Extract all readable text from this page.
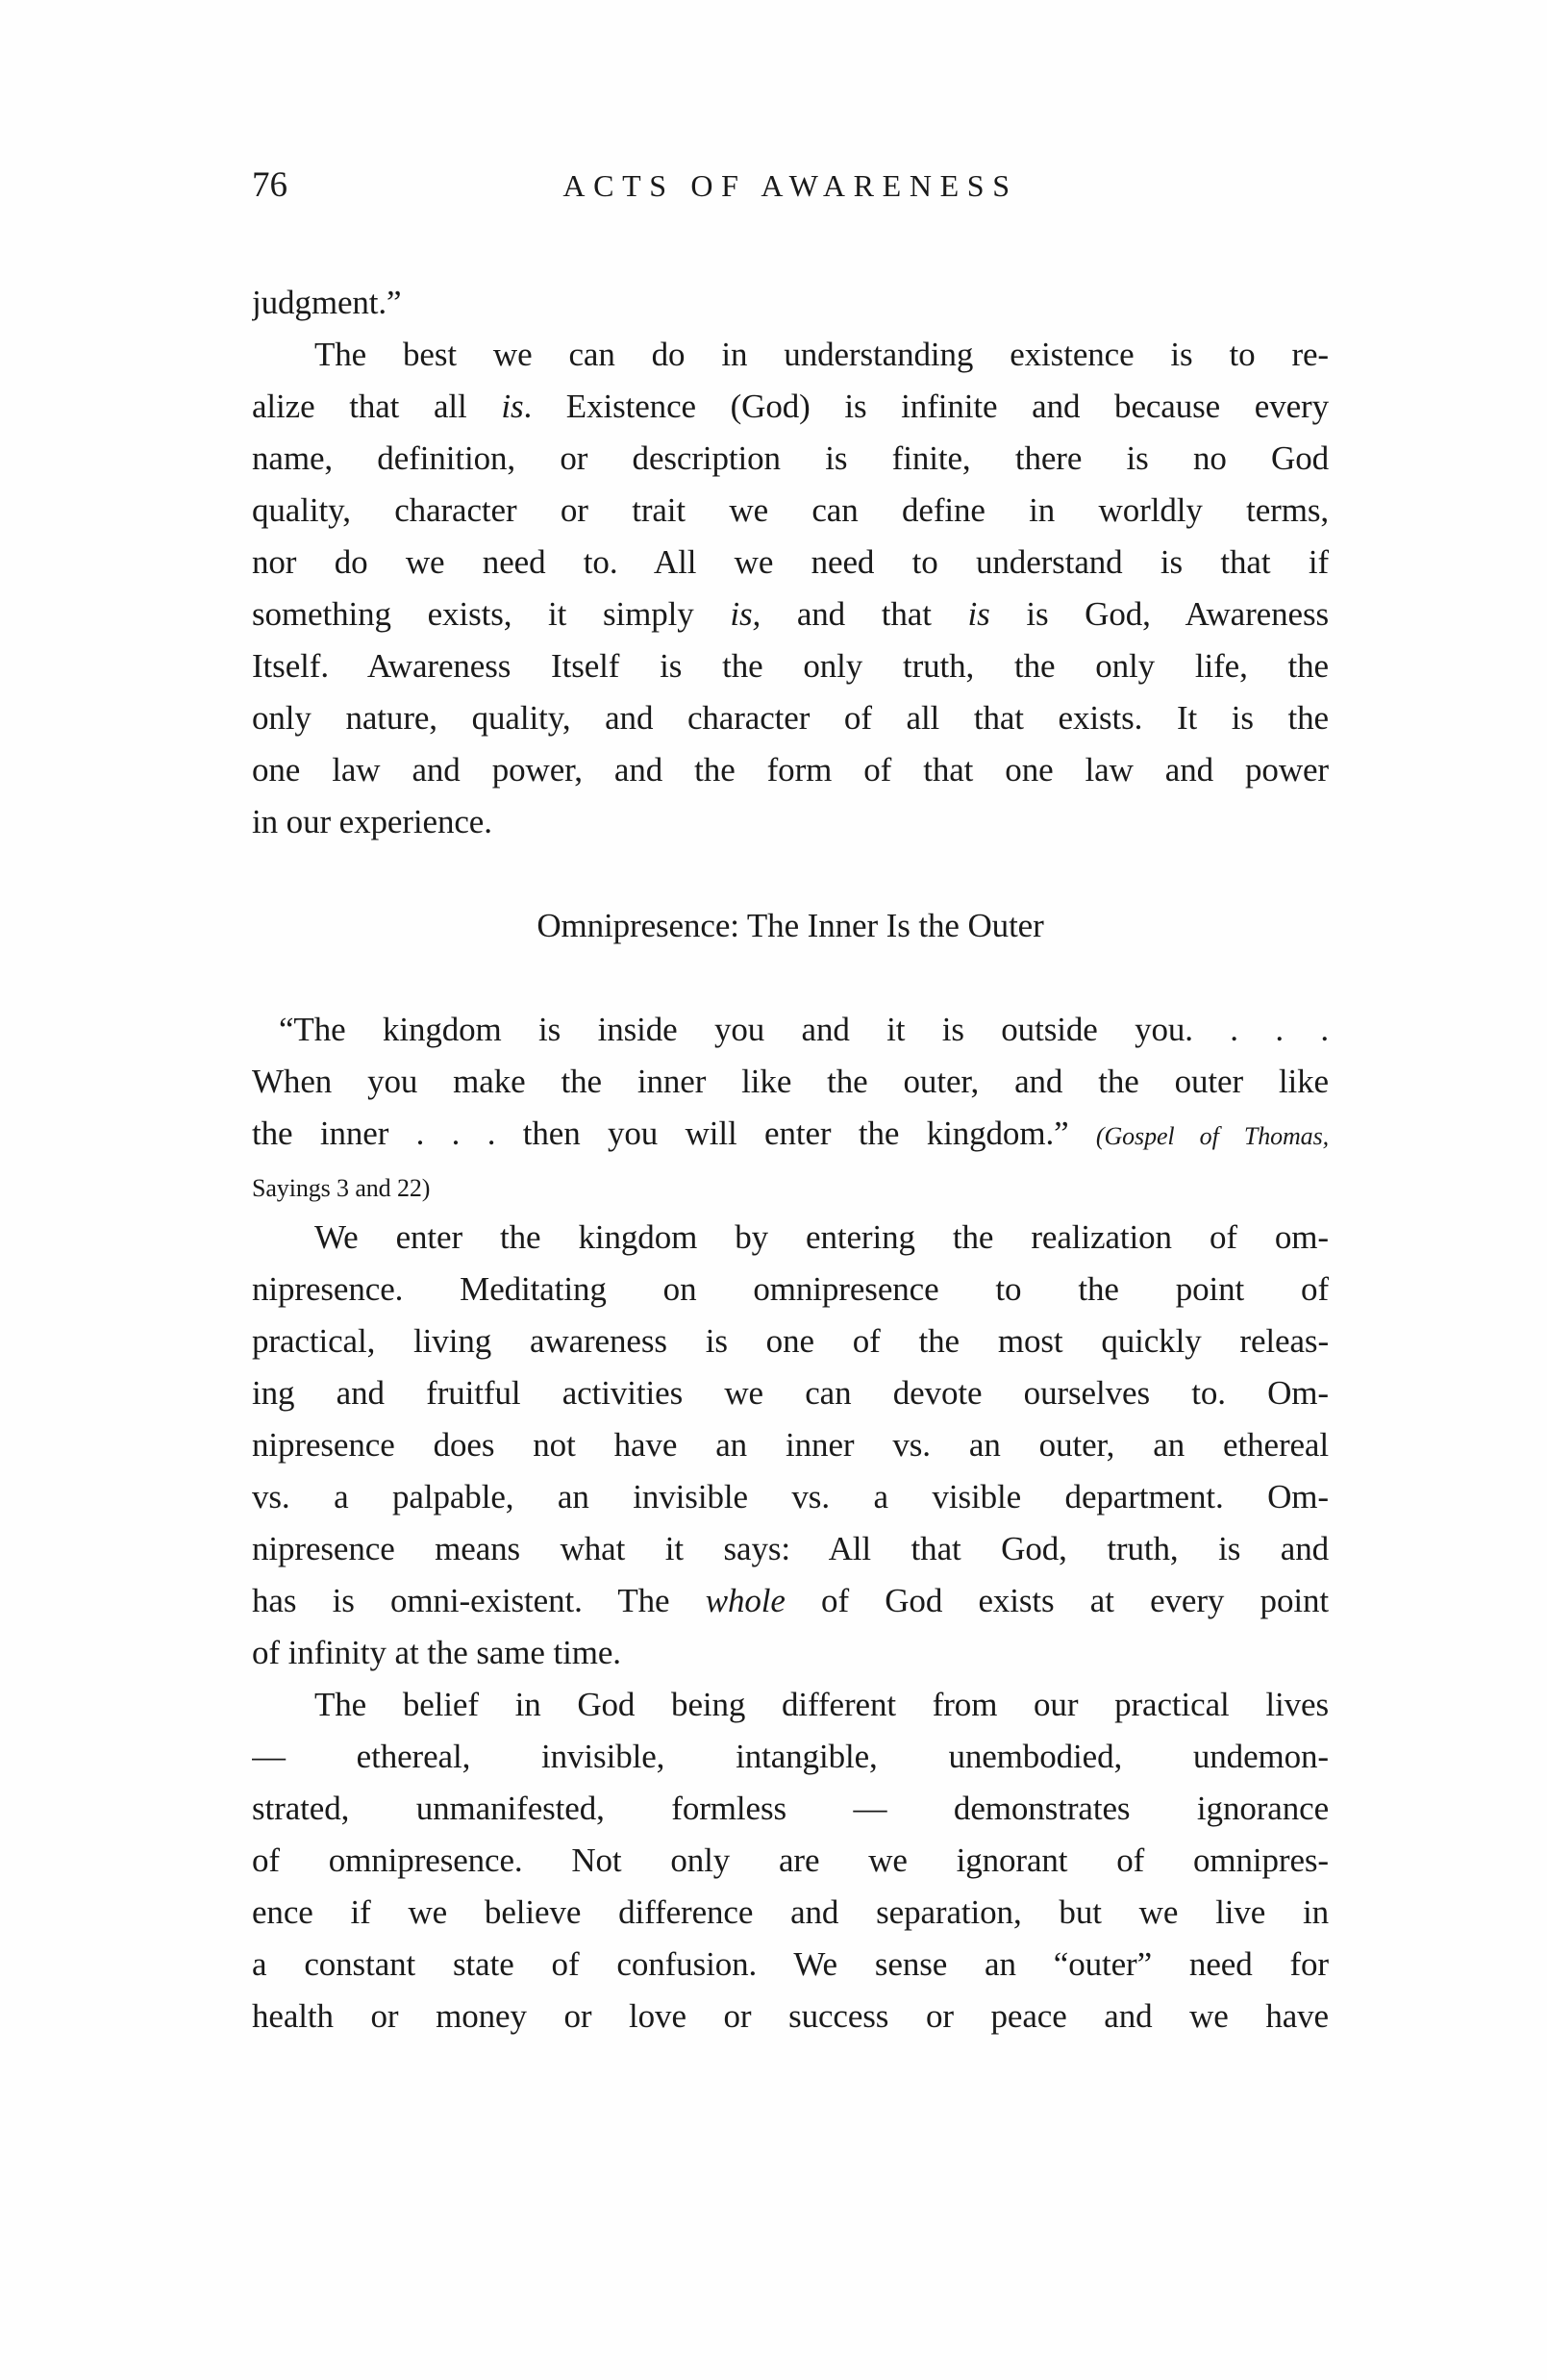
76	ACTS OF AWARENESS
judgment.”
The best we can do in understanding existence is to re-
alize that all is. Existence (God) is infinite and because every
name, definition, or description is finite, there is no God
quality, character or trait we can define in worldly terms,
nor do we need to. All we need to understand is that if
something exists, it simply is, and that is is God, Awareness
Itself. Awareness Itself is the only truth, the only life, the
only nature, quality, and character of all that exists. It is the
one law and power, and the form of that one law and power
in our experience.
Omnipresence: The Inner Is the Outer
“The kingdom is inside you and it is outside you. . . .
When you make the inner like the outer, and the outer like
the inner . . . then you will enter the kingdom.” (Gospel of Thomas,
Sayings 3 and 22)
We enter the kingdom by entering the realization of om-
nipresence. Meditating on omnipresence to the point of
practical, living awareness is one of the most quickly releas-
ing and fruitful activities we can devote ourselves to. Om-
nipresence does not have an inner vs. an outer, an ethereal
vs. a palpable, an invisible vs. a visible department. Om-
nipresence means what it says: All that God, truth, is and
has is omni-existent. The whole of God exists at every point
of infinity at the same time.
The belief in God being different from our practical lives
— ethereal, invisible, intangible, unembodied, undemon-
strated, unmanifested, formless — demonstrates ignorance
of omnipresence. Not only are we ignorant of omnipres-
ence if we believe difference and separation, but we live in
a constant state of confusion. We sense an “outer” need for
health or money or love or success or peace and we have
